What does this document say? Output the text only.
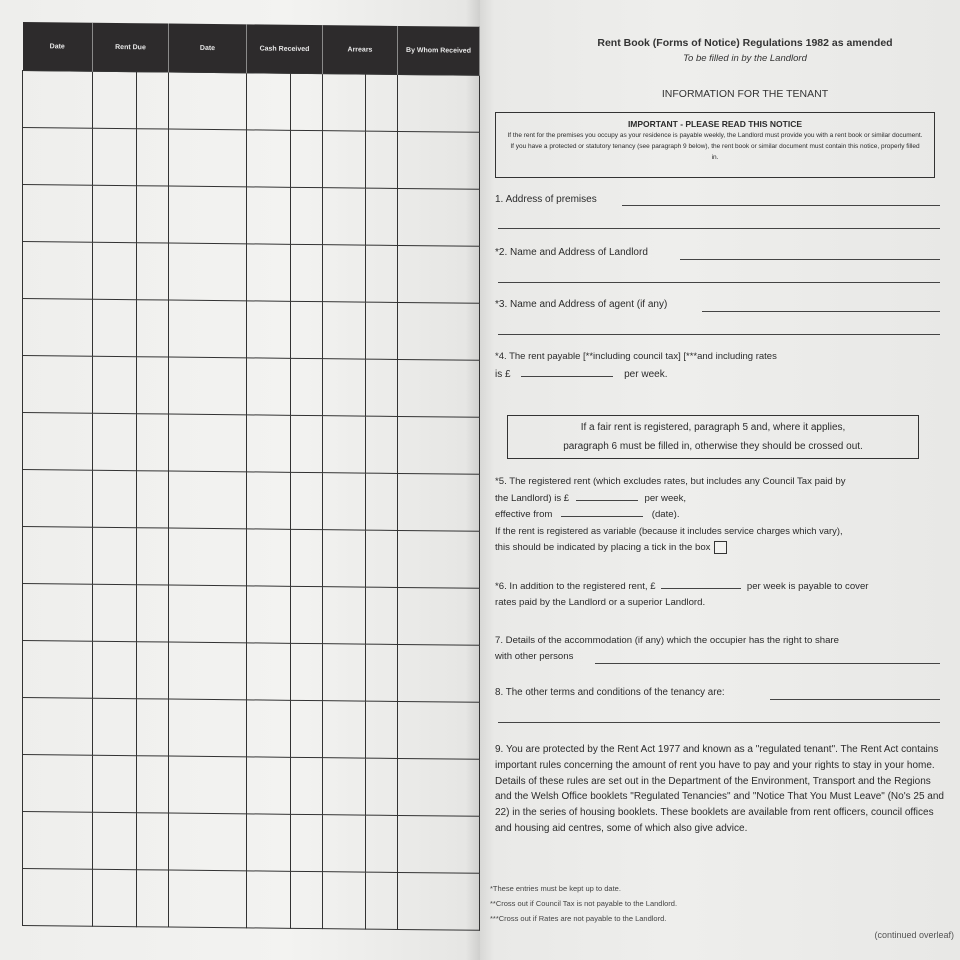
Date	Rent Due		Date	Cash Received		Arrears		By Whom Received

Rent Book (Forms of Notice) Regulations 1982 as amended
To be filled in by the Landlord
INFORMATION FOR THE TENANT
IMPORTANT - PLEASE READ THIS NOTICE
If the rent for the premises you occupy as your residence is payable weekly, the Landlord must provide you with a rent book or similar document. If you have a protected or statutory tenancy (see paragraph 9 below), the rent book or similar document must contain this notice, properly filled in.
1. Address of premises
*2. Name and Address of Landlord
*3. Name and Address of agent (if any)
*4. The rent payable [**including council tax] [***and including rates
is £	per week.
If a fair rent is registered, paragraph 5 and, where it applies,
paragraph 6 must be filled in, otherwise they should be crossed out.
*5. The registered rent (which excludes rates, but includes any Council Tax paid by
the Landlord) is £	per week,
effective from	(date).
If the rent is registered as variable (because it includes service charges which vary),
this should be indicated by placing a tick in the box
*6. In addition to the registered rent, £	per week is payable to cover
rates paid by the Landlord or a superior Landlord.
7. Details of the accommodation (if any) which the occupier has the right to share
with other persons
8. The other terms and conditions of the tenancy are:
9. You are protected by the Rent Act 1977 and known as a "regulated tenant". The Rent Act contains important rules concerning the amount of rent you have to pay and your rights to stay in your home. Details of these rules are set out in the Department of the Environment, Transport and the Regions and the Welsh Office booklets "Regulated Tenancies" and "Notice That You Must Leave" (No's 25 and 22) in the series of housing booklets. These booklets are available from rent officers, council offices and housing aid centres, some of which also give advice.
*These entries must be kept up to date.
**Cross out if Council Tax is not payable to the Landlord.
***Cross out if Rates are not payable to the Landlord.
(continued overleaf)
